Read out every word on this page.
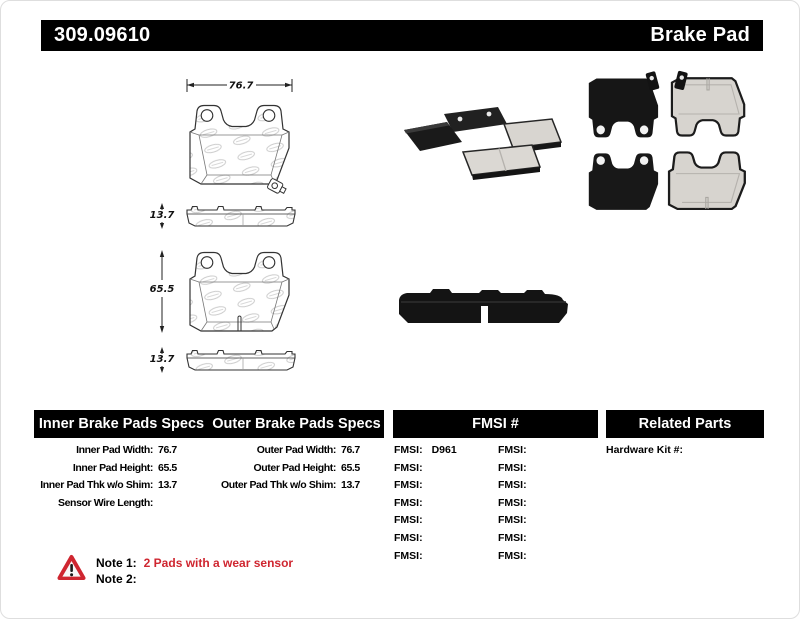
309.09610	Brake Pad
76.7
13.7
65.5
13.7
Inner Brake Pads Specs Outer Brake Pads Specs	FMSI #	Related Parts
Inner Pad Width: 76.7
Inner Pad Height: 65.5
Inner Pad Thk w/o Shim: 13.7
Sensor Wire Length:
Outer Pad Width: 76.7
Outer Pad Height: 65.5
Outer Pad Thk w/o Shim: 13.7
FMSI: D961
FMSI:
FMSI:
FMSI:
FMSI:
FMSI:
FMSI:
FMSI:
FMSI:
FMSI:
FMSI:
FMSI:
FMSI:
FMSI:
Hardware Kit #:
Note 1: 2 Pads with a wear sensor
Note 2:
